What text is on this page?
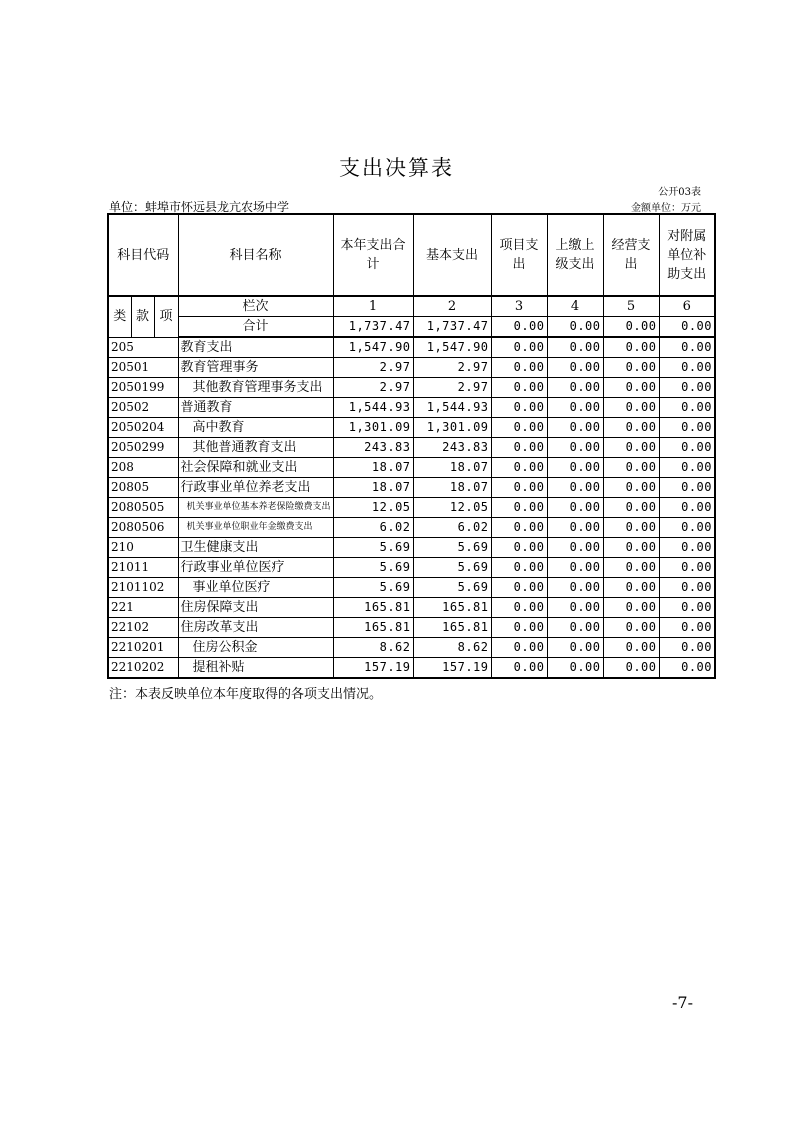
支出决算表
公开03表
单位：蚌埠市怀远县龙亢农场中学	金额单位：万元
科目代码			科目名称	本年支出合计	基本支出	项目支出	上缴上级支出	经营支出	对附属单位补助支出
类	款	项	栏次	1	2	3	4	5	6
			合计	1,737.47	1,737.47	0.00	0.00	0.00	0.00
205			教育支出	1,547.90	1,547.90	0.00	0.00	0.00	0.00
20501			教育管理事务	2.97	2.97	0.00	0.00	0.00	0.00
2050199			其他教育管理事务支出	2.97	2.97	0.00	0.00	0.00	0.00
20502			普通教育	1,544.93	1,544.93	0.00	0.00	0.00	0.00
2050204			高中教育	1,301.09	1,301.09	0.00	0.00	0.00	0.00
2050299			其他普通教育支出	243.83	243.83	0.00	0.00	0.00	0.00
208			社会保障和就业支出	18.07	18.07	0.00	0.00	0.00	0.00
20805			行政事业单位养老支出	18.07	18.07	0.00	0.00	0.00	0.00
2080505			机关事业单位基本养老保险缴费支出	12.05	12.05	0.00	0.00	0.00	0.00
2080506			机关事业单位职业年金缴费支出	6.02	6.02	0.00	0.00	0.00	0.00
210			卫生健康支出	5.69	5.69	0.00	0.00	0.00	0.00
21011			行政事业单位医疗	5.69	5.69	0.00	0.00	0.00	0.00
2101102			事业单位医疗	5.69	5.69	0.00	0.00	0.00	0.00
221			住房保障支出	165.81	165.81	0.00	0.00	0.00	0.00
22102			住房改革支出	165.81	165.81	0.00	0.00	0.00	0.00
2210201			住房公积金	8.62	8.62	0.00	0.00	0.00	0.00
2210202			提租补贴	157.19	157.19	0.00	0.00	0.00	0.00
注：本表反映单位本年度取得的各项支出情况。
-7-
